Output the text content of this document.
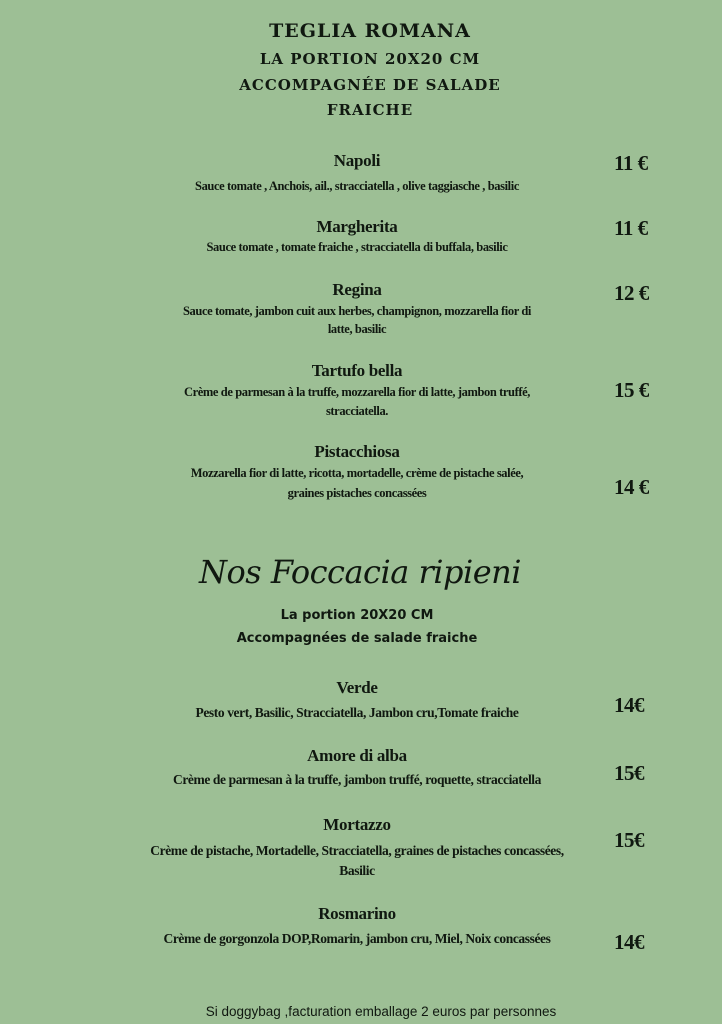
TEGLIA ROMANA
LA PORTION 20X20 CM
ACCOMPAGNÉE DE SALADE
FRAICHE
Napoli
Sauce tomate , Anchois, ail., stracciatella , olive taggiasche , basilic
11 €
Margherita
Sauce tomate , tomate fraiche , stracciatella di buffala, basilic
11 €
Regina
Sauce tomate, jambon cuit aux herbes, champignon, mozzarella fior di
latte, basilic
12 €
Tartufo bella
Crème de parmesan à la truffe, mozzarella fior di latte, jambon truffé,
stracciatella.
15 €
Pistacchiosa
Mozzarella fior di latte, ricotta, mortadelle, crème de pistache salée,
graines pistaches concassées	14 €
Nos Foccacia ripieni
La portion 20X20 CM
Accompagnées de salade fraiche
Verde
Pesto vert, Basilic, Stracciatella, Jambon cru,Tomate fraiche	14€
Amore di alba
Crème de parmesan à la truffe, jambon truffé, roquette, stracciatella	15€
Mortazzo
Crème de pistache, Mortadelle, Stracciatella, graines de pistaches concassées,
Basilic
15€
Rosmarino
Crème de gorgonzola DOP,Romarin, jambon cru, Miel, Noix concassées	14€
Si doggybag ,facturation emballage 2 euros par personnes
